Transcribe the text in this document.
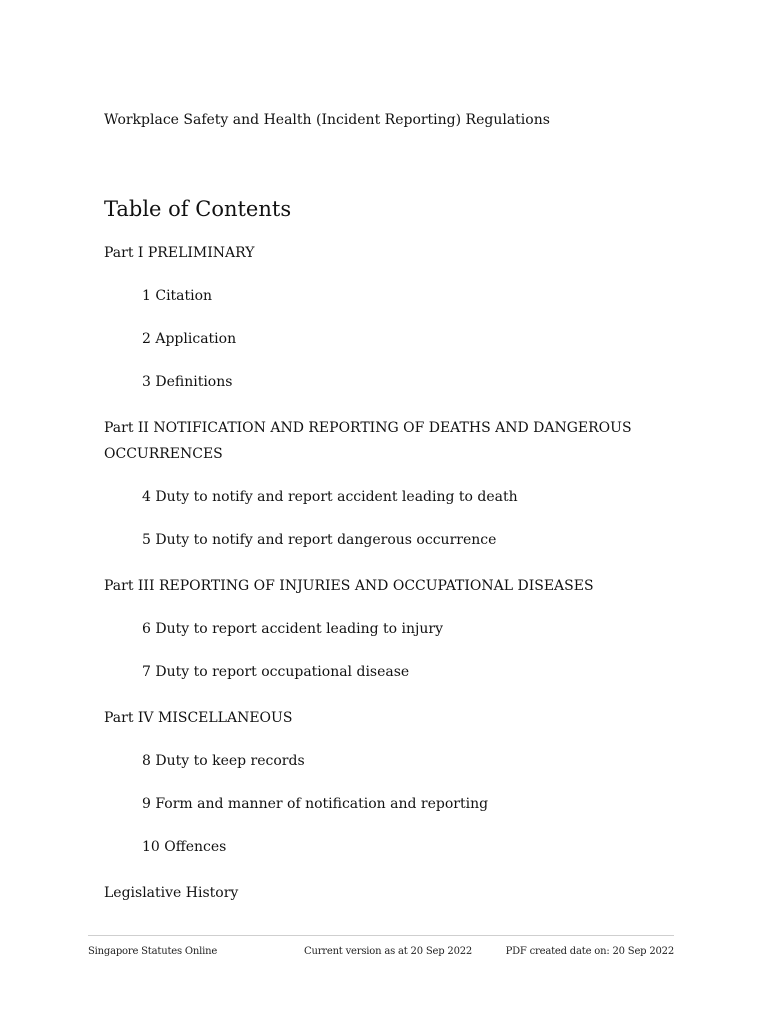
Workplace Safety and Health (Incident Reporting) Regulations
Table of Contents
Part I PRELIMINARY
1 Citation
2 Application
3 Definitions
Part II NOTIFICATION AND REPORTING OF DEATHS AND DANGEROUS OCCURRENCES
4 Duty to notify and report accident leading to death
5 Duty to notify and report dangerous occurrence
Part III REPORTING OF INJURIES AND OCCUPATIONAL DISEASES
6 Duty to report accident leading to injury
7 Duty to report occupational disease
Part IV MISCELLANEOUS
8 Duty to keep records
9 Form and manner of notification and reporting
10 Offences
Legislative History
Singapore Statutes Online	Current version as at 20 Sep 2022	PDF created date on: 20 Sep 2022
